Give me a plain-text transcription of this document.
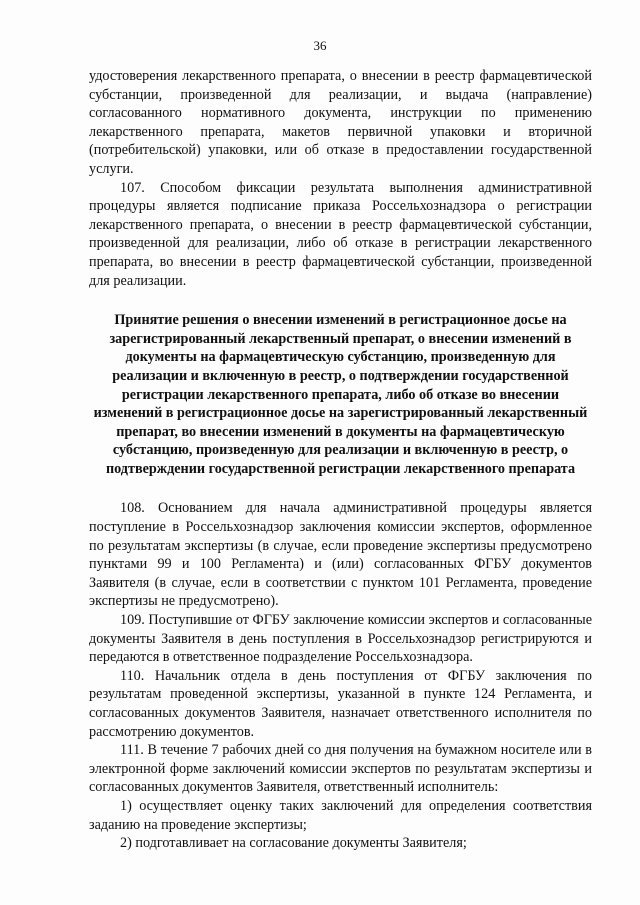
36

удостоверения лекарственного препарата, о внесении в реестр фармацевтической субстанции, произведенной для реализации, и выдача (направление) согласованного нормативного документа, инструкции по применению лекарственного препарата, макетов первичной упаковки и вторичной (потребительской) упаковки, или об отказе в предоставлении государственной услуги.

107. Способом фиксации результата выполнения административной процедуры является подписание приказа Россельхознадзора о регистрации лекарственного препарата, о внесении в реестр фармацевтической субстанции, произведенной для реализации, либо об отказе в регистрации лекарственного препарата, во внесении в реестр фармацевтической субстанции, произведенной для реализации.

Принятие решения о внесении изменений в регистрационное досье на зарегистрированный лекарственный препарат, о внесении изменений в документы на фармацевтическую субстанцию, произведенную для реализации и включенную в реестр, о подтверждении государственной регистрации лекарственного препарата, либо об отказе во внесении изменений в регистрационное досье на зарегистрированный лекарственный препарат, во внесении изменений в документы на фармацевтическую субстанцию, произведенную для реализации и включенную в реестр, о подтверждении государственной регистрации лекарственного препарата

108. Основанием для начала административной процедуры является поступление в Россельхознадзор заключения комиссии экспертов, оформленное по результатам экспертизы (в случае, если проведение экспертизы предусмотрено пунктами 99 и 100 Регламента) и (или) согласованных ФГБУ документов Заявителя (в случае, если в соответствии с пунктом 101 Регламента, проведение экспертизы не предусмотрено).

109. Поступившие от ФГБУ заключение комиссии экспертов и согласованные документы Заявителя в день поступления в Россельхознадзор регистрируются и передаются в ответственное подразделение Россельхознадзора.

110. Начальник отдела в день поступления от ФГБУ заключения по результатам проведенной экспертизы, указанной в пункте 124 Регламента, и согласованных документов Заявителя, назначает ответственного исполнителя по рассмотрению документов.

111. В течение 7 рабочих дней со дня получения на бумажном носителе или в электронной форме заключений комиссии экспертов по результатам экспертизы и согласованных документов Заявителя, ответственный исполнитель:

1) осуществляет оценку таких заключений для определения соответствия заданию на проведение экспертизы;

2) подготавливает на согласование документы Заявителя;
